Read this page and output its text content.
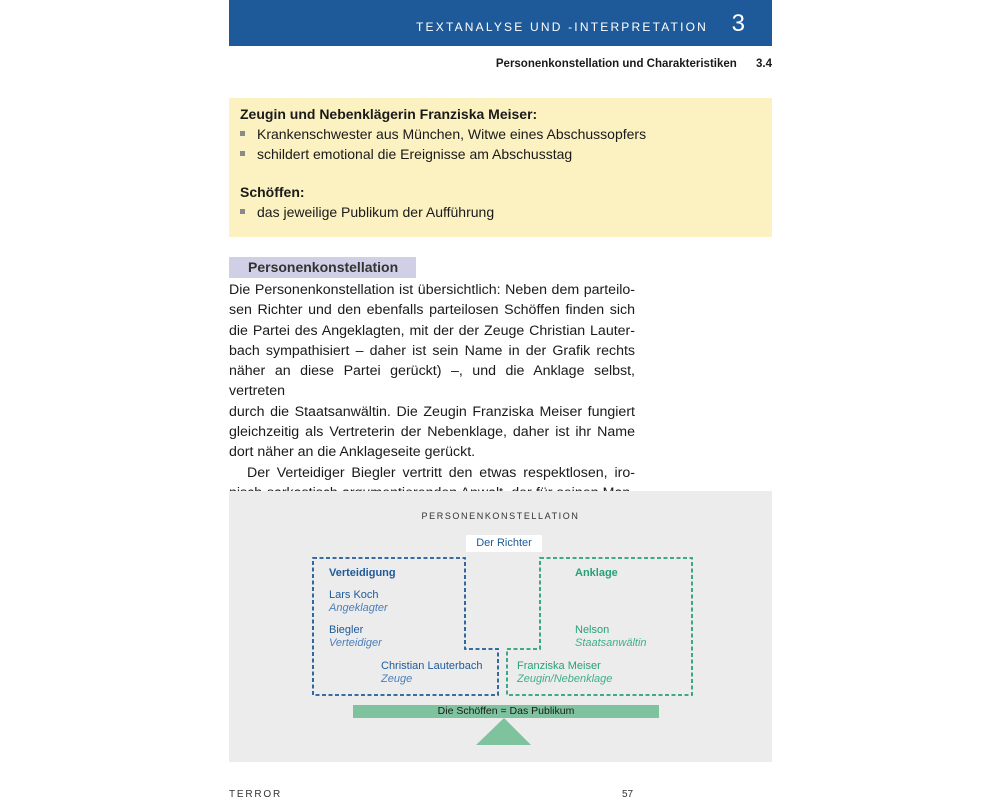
TEXTANALYSE UND -INTERPRETATION 3
Personenkonstellation und Charakteristiken 3.4
Zeugin und Nebenklägerin Franziska Meiser:
Krankenschwester aus München, Witwe eines Abschussopfers
schildert emotional die Ereignisse am Abschusstag
Schöffen:
das jeweilige Publikum der Aufführung
Personenkonstellation

Die Personenkonstellation ist übersichtlich: Neben dem parteilo-

sen Richter und den ebenfalls parteilosen Schöffen finden sich

die Partei des Angeklagten, mit der der Zeuge Christian Lauter-

bach sympathisiert – daher ist sein Name in der Grafik rechts

näher an diese Partei gerückt) –, und die Anklage selbst, vertreten

durch die Staatsanwältin. Die Zeugin Franziska Meiser fungiert

gleichzeitig als Vertreterin der Nebenklage, daher ist ihr Name

dort näher an die Anklageseite gerückt.

Der Verteidiger Biegler vertritt den etwas respektlosen, iro-

PERSONENKONSTELLATION
Der Richter
Verteidigung
Lars Koch
Angeklagter
Biegler
Verteidiger
Christian Lauterbach
Zeuge
Anklage
Nelson
Staatsanwältin
Franziska Meiser
Zeugin/Nebenklage
Die Schöffen = Das Publikum
TERROR	57
